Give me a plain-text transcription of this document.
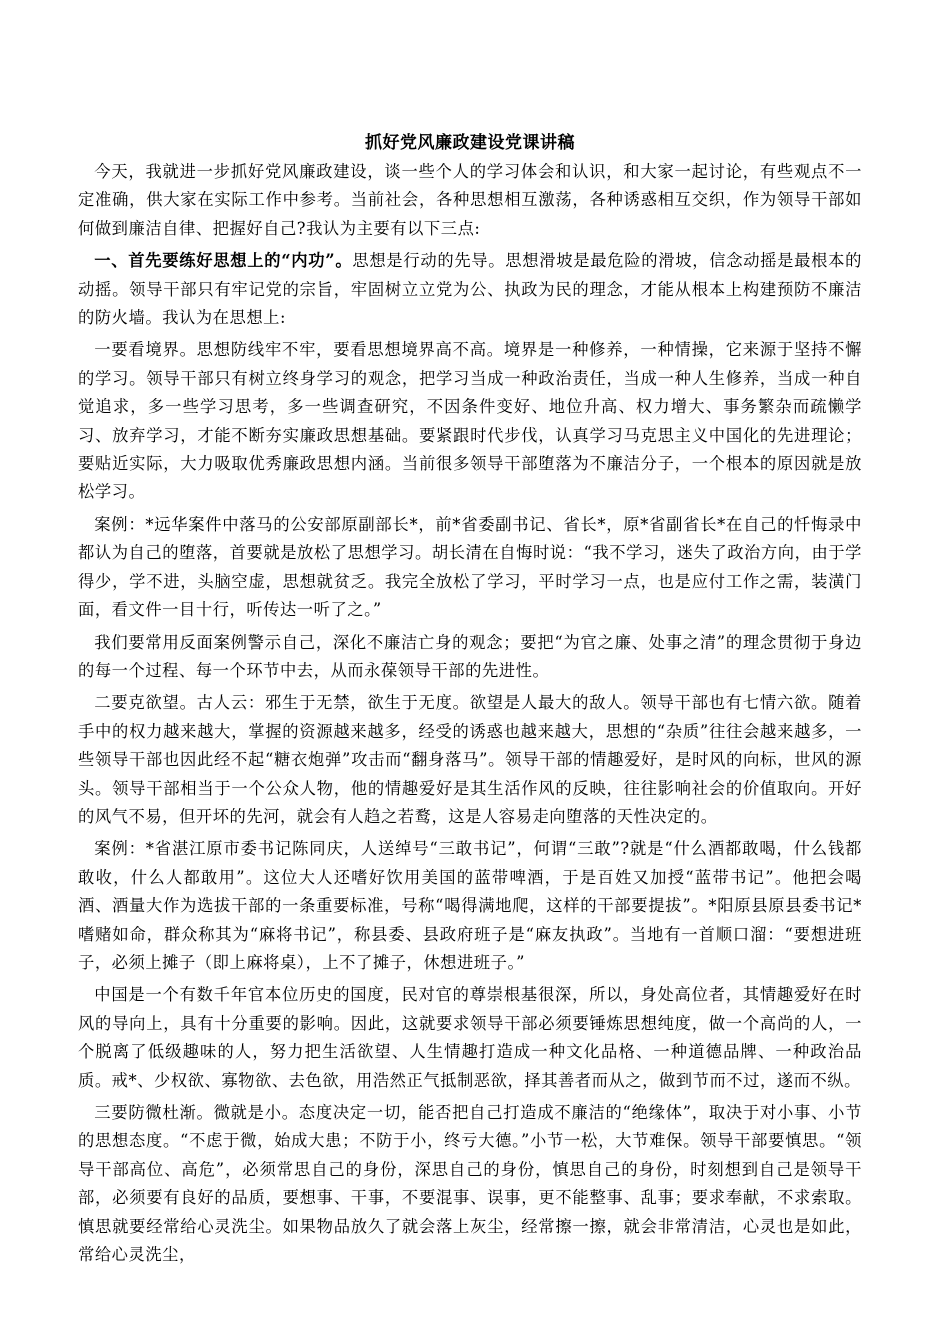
抓好党风廉政建设党课讲稿

今天，我就进一步抓好党风廉政建设，谈一些个人的学习体会和认识，和大家一起讨论，有些观点不一定准确，供大家在实际工作中参考。当前社会，各种思想相互激荡，各种诱惑相互交织，作为领导干部如何做到廉洁自律、把握好自己?我认为主要有以下三点:

一、首先要练好思想上的“内功”。思想是行动的先导。思想滑坡是最危险的滑坡，信念动摇是最根本的动摇。领导干部只有牢记党的宗旨，牢固树立立党为公、执政为民的理念，才能从根本上构建预防不廉洁的防火墙。我认为在思想上:

一要看境界。思想防线牢不牢，要看思想境界高不高。境界是一种修养，一种情操，它来源于坚持不懈的学习。领导干部只有树立终身学习的观念，把学习当成一种政治责任，当成一种人生修养，当成一种自觉追求，多一些学习思考，多一些调查研究，不因条件变好、地位升高、权力增大、事务繁杂而疏懒学习、放弃学习，才能不断夯实廉政思想基础。要紧跟时代步伐，认真学习马克思主义中国化的先进理论；要贴近实际，大力吸取优秀廉政思想内涵。当前很多领导干部堕落为不廉洁分子，一个根本的原因就是放松学习。

案例：*远华案件中落马的公安部原副部长*，前*省委副书记、省长*，原*省副省长*在自己的忏悔录中都认为自己的堕落，首要就是放松了思想学习。胡长清在自悔时说：“我不学习，迷失了政治方向，由于学得少，学不进，头脑空虚，思想就贫乏。我完全放松了学习，平时学习一点，也是应付工作之需，装潢门面，看文件一目十行，听传达一听了之。”

我们要常用反面案例警示自己，深化不廉洁亡身的观念；要把“为官之廉、处事之清”的理念贯彻于身边的每一个过程、每一个环节中去，从而永葆领导干部的先进性。

二要克欲望。古人云：邪生于无禁，欲生于无度。欲望是人最大的敌人。领导干部也有七情六欲。随着手中的权力越来越大，掌握的资源越来越多，经受的诱惑也越来越大，思想的“杂质”往往会越来越多，一些领导干部也因此经不起“糖衣炮弹”攻击而“翻身落马”。领导干部的情趣爱好，是时风的向标，世风的源头。领导干部相当于一个公众人物，他的情趣爱好是其生活作风的反映，往往影响社会的价值取向。开好的风气不易，但开坏的先河，就会有人趋之若鹜，这是人容易走向堕落的天性决定的。

案例：*省湛江原市委书记陈同庆，人送绰号“三敢书记”，何谓“三敢”?就是“什么酒都敢喝，什么钱都敢收，什么人都敢用”。这位大人还嗜好饮用美国的蓝带啤酒，于是百姓又加授“蓝带书记”。他把会喝酒、酒量大作为选拔干部的一条重要标准，号称“喝得满地爬，这样的干部要提拔”。*阳原县原县委书记*嗜赌如命，群众称其为“麻将书记”，称县委、县政府班子是“麻友执政”。当地有一首顺口溜：“要想进班子，必须上摊子（即上麻将桌），上不了摊子，休想进班子。”

中国是一个有数千年官本位历史的国度，民对官的尊崇根基很深，所以，身处高位者，其情趣爱好在时风的导向上，具有十分重要的影响。因此，这就要求领导干部必须要锤炼思想纯度，做一个高尚的人，一个脱离了低级趣味的人，努力把生活欲望、人生情趣打造成一种文化品格、一种道德品牌、一种政治品质。戒*、少权欲、寡物欲、去色欲，用浩然正气抵制恶欲，择其善者而从之，做到节而不过，遂而不纵。

三要防微杜渐。微就是小。态度决定一切，能否把自己打造成不廉洁的“绝缘体”，取决于对小事、小节的思想态度。“不虑于微，始成大患；不防于小，终亏大德。”小节一松，大节难保。领导干部要慎思。“领导干部高位、高危”，必须常思自己的身份，深思自己的身份，慎思自己的身份，时刻想到自己是领导干部，必须要有良好的品质，要想事、干事，不要混事、误事，更不能整事、乱事；要求奉献，不求索取。慎思就要经常给心灵洗尘。如果物品放久了就会落上灰尘，经常擦一擦，就会非常清洁，心灵也是如此，常给心灵洗尘，
